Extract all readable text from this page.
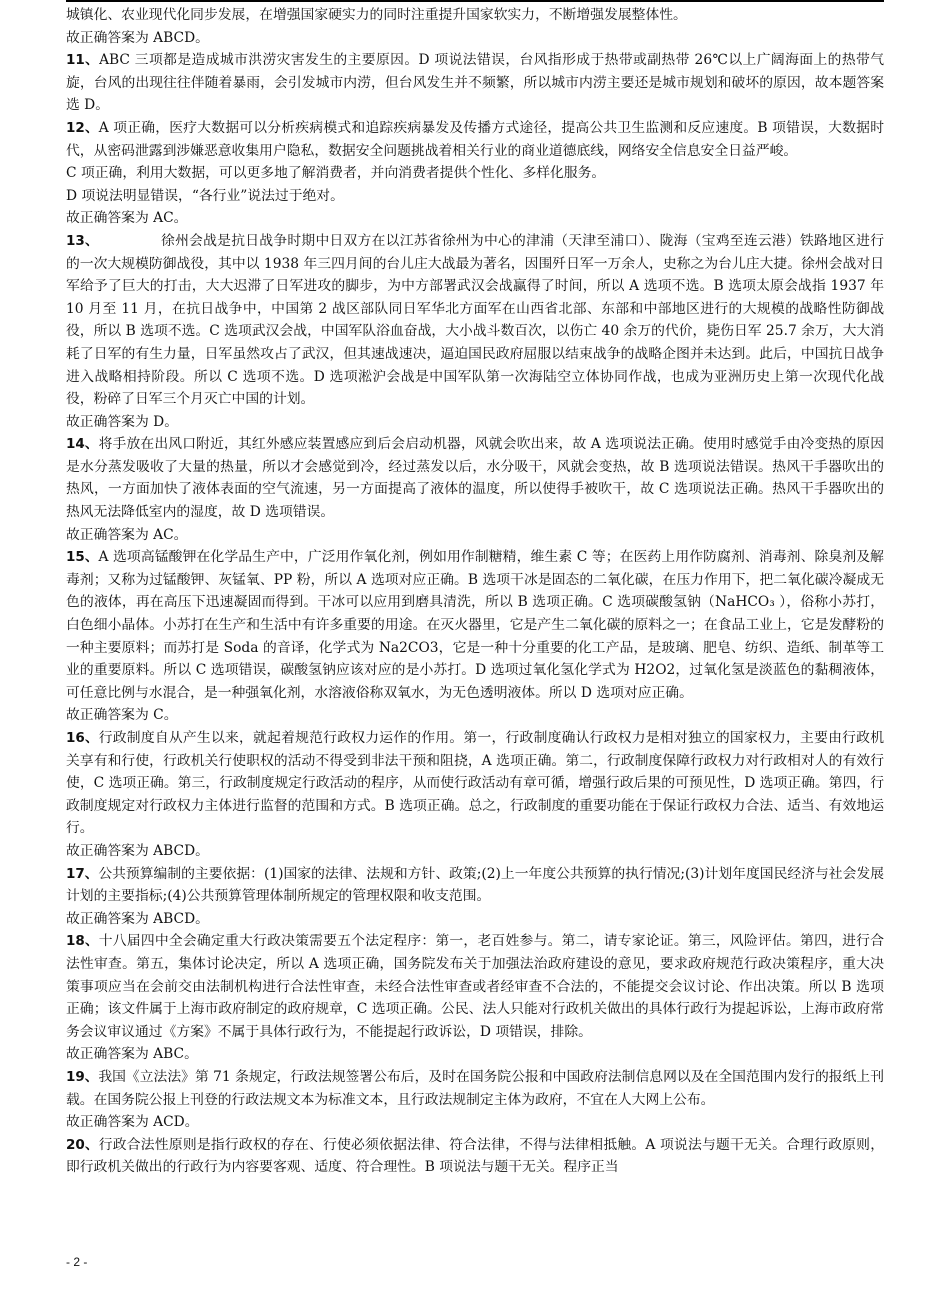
城镇化、农业现代化同步发展，在增强国家硬实力的同时注重提升国家软实力，不断增强发展整体性。

故正确答案为 ABCD。

11、ABC 三项都是造成城市洪涝灾害发生的主要原因。D 项说法错误，台风指形成于热带或副热带 26℃以上广阔海面上的热带气旋，台风的出现往往伴随着暴雨，会引发城市内涝，但台风发生并不频繁，所以城市内涝主要还是城市规划和破坏的原因，故本题答案选 D。

12、A 项正确，医疗大数据可以分析疾病模式和追踪疾病暴发及传播方式途径，提高公共卫生监测和反应速度。B 项错误，大数据时代，从密码泄露到涉嫌恶意收集用户隐私，数据安全问题挑战着相关行业的商业道德底线，网络安全信息安全日益严峻。

C 项正确，利用大数据，可以更多地了解消费者，并向消费者提供个性化、多样化服务。

D 项说法明显错误，“各行业”说法过于绝对。

故正确答案为 AC。

13、	徐州会战是抗日战争时期中日双方在以江苏省徐州为中心的津浦（天津至浦口）、陇海（宝鸡至连云港）铁路地区进行的一次大规模防御战役，其中以 1938 年三四月间的台儿庄大战最为著名，因围歼日军一万余人，史称之为台儿庄大捷。徐州会战对日军给予了巨大的打击，大大迟滞了日军进攻的脚步，为中方部署武汉会战赢得了时间，所以 A 选项不选。B 选项太原会战指 1937 年 10 月至 11 月，在抗日战争中，中国第 2 战区部队同日军华北方面军在山西省北部、东部和中部地区进行的大规模的战略性防御战役，所以 B 选项不选。C 选项武汉会战，中国军队浴血奋战，大小战斗数百次，以伤亡 40 余万的代价，毙伤日军 25.7 余万，大大消耗了日军的有生力量，日军虽然攻占了武汉，但其速战速决，逼迫国民政府屈服以结束战争的战略企图并未达到。此后，中国抗日战争进入战略相持阶段。所以 C 选项不选。D 选项淞沪会战是中国军队第一次海陆空立体协同作战，也成为亚洲历史上第一次现代化战役，粉碎了日军三个月灭亡中国的计划。

故正确答案为 D。

14、将手放在出风口附近，其红外感应装置感应到后会启动机器，风就会吹出来，故 A 选项说法正确。使用时感觉手由冷变热的原因是水分蒸发吸收了大量的热量，所以才会感觉到冷，经过蒸发以后，水分吸干，风就会变热，故 B 选项说法错误。热风干手器吹出的热风，一方面加快了液体表面的空气流速，另一方面提高了液体的温度，所以使得手被吹干，故 C 选项说法正确。热风干手器吹出的热风无法降低室内的湿度，故 D 选项错误。

故正确答案为 AC。

15、A 选项高锰酸钾在化学品生产中，广泛用作氧化剂，例如用作制糖精，维生素 C 等；在医药上用作防腐剂、消毒剂、除臭剂及解毒剂；又称为过锰酸钾、灰锰氧、PP 粉，所以 A 选项对应正确。B 选项干冰是固态的二氧化碳，在压力作用下，把二氧化碳冷凝成无色的液体，再在高压下迅速凝固而得到。干冰可以应用到磨具清洗，所以 B 选项正确。C 选项碳酸氢钠（NaHCO₃ ），俗称小苏打，白色细小晶体。小苏打在生产和生活中有许多重要的用途。在灭火器里，它是产生二氧化碳的原料之一；在食品工业上，它是发酵粉的一种主要原料；而苏打是 Soda 的音译，化学式为 Na2CO3，它是一种十分重要的化工产品，是玻璃、肥皂、纺织、造纸、制革等工业的重要原料。所以 C 选项错误，碳酸氢钠应该对应的是小苏打。D 选项过氧化氢化学式为 H2O2，过氧化氢是淡蓝色的黏稠液体，可任意比例与水混合，是一种强氧化剂，水溶液俗称双氧水，为无色透明液体。所以 D 选项对应正确。

故正确答案为 C。

16、行政制度自从产生以来，就起着规范行政权力运作的作用。第一，行政制度确认行政权力是相对独立的国家权力，主要由行政机关享有和行使，行政机关行使职权的活动不得受到非法干预和阻挠，A 选项正确。第二，行政制度保障行政权力对行政相对人的有效行使，C 选项正确。第三，行政制度规定行政活动的程序，从而使行政活动有章可循，增强行政后果的可预见性，D 选项正确。第四，行政制度规定对行政权力主体进行监督的范围和方式。B 选项正确。总之，行政制度的重要功能在于保证行政权力合法、适当、有效地运行。

故正确答案为 ABCD。

17、公共预算编制的主要依据：(1)国家的法律、法规和方针、政策;(2)上一年度公共预算的执行情况;(3)计划年度国民经济与社会发展计划的主要指标;(4)公共预算管理体制所规定的管理权限和收支范围。

故正确答案为 ABCD。

18、十八届四中全会确定重大行政决策需要五个法定程序：第一，老百姓参与。第二，请专家论证。第三，风险评估。第四，进行合法性审查。第五，集体讨论决定，所以 A 选项正确，国务院发布关于加强法治政府建设的意见，要求政府规范行政决策程序，重大决策事项应当在会前交由法制机构进行合法性审查，未经合法性审查或者经审查不合法的，不能提交会议讨论、作出决策。所以 B 选项正确；该文件属于上海市政府制定的政府规章，C 选项正确。公民、法人只能对行政机关做出的具体行政行为提起诉讼，上海市政府常务会议审议通过《方案》不属于具体行政行为，不能提起行政诉讼，D 项错误，排除。

故正确答案为 ABC。

19、我国《立法法》第 71 条规定，行政法规签署公布后，及时在国务院公报和中国政府法制信息网以及在全国范围内发行的报纸上刊载。在国务院公报上刊登的行政法规文本为标准文本，且行政法规制定主体为政府，不宜在人大网上公布。

故正确答案为 ACD。

20、行政合法性原则是指行政权的存在、行使必须依据法律、符合法律，不得与法律相抵触。A 项说法与题干无关。合理行政原则，即行政机关做出的行政行为内容要客观、适度、符合理性。B 项说法与题干无关。程序正当

- 2 -
